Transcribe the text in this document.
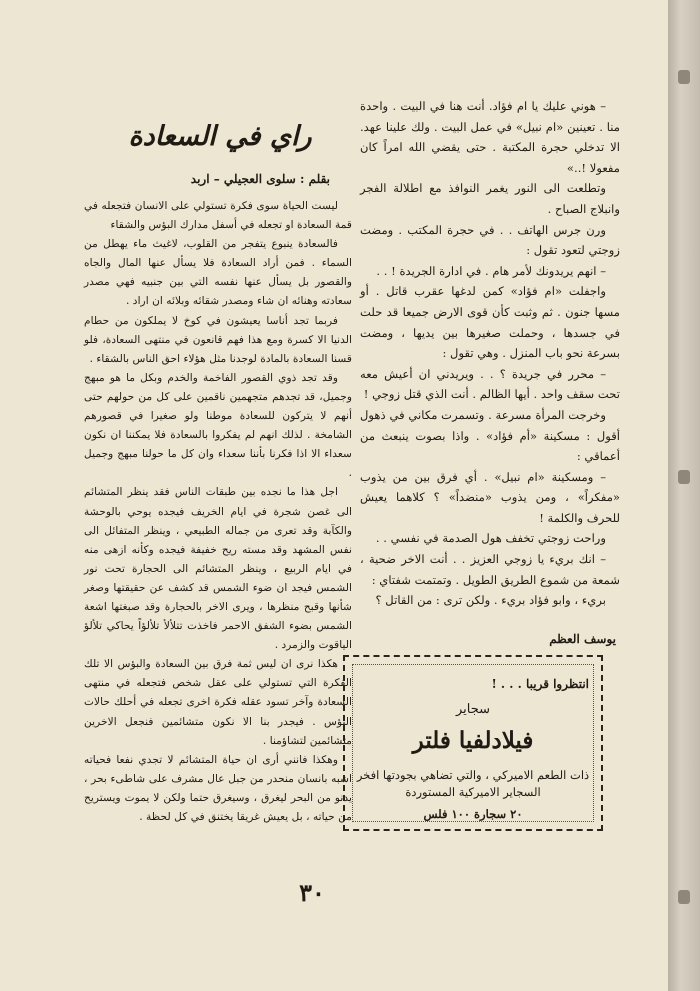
– هوني عليك يا ام فؤاد. أنت هنا في البيت . واحدة منا . تعينين «ام نبيل» في عمل البيت . ولك علينا عهد. الا تدخلي حجرة المكتبة . حتى يقضي الله امراً كان مفعولا !..»

وتطلعت الى النور يغمر النوافذ مع اطلالة الفجر وانبلاج الصباح .

ورن جرس الهاتف . . في حجرة المكتب . ومضت زوجتي لتعود تقول :

– انهم يريدونك لأمر هام . في ادارة الجريدة ! . .

واجفلت «ام فؤاد» كمن لدغها عقرب قاتل . أو مسها جنون . ثم وثبت كأن قوى الارض جميعا قد حلت في جسدها ، وحملت صغيرها بين يديها ، ومضت بسرعة نحو باب المنزل . وهي تقول :

– محرر في جريدة ؟ . . ويريدني ان أعيش معه تحت سقف واحد . أيها الظالم . أنت الذي قتل زوجي !

وخرجت المرأة مسرعة . وتسمرت مكاني في ذهول أقول : مسكينة «أم فؤاد» . واذا بصوت ينبعث من أعماقي :

– ومسكينة «ام نبيل» . أي فرق بين من يذوب «مفكراً» ، ومن يذوب «منضداً» ؟ كلاهما يعيش للحرف والكلمة !

وراحت زوجتي تخفف هول الصدمة في نفسي . .

– انك بريء يا زوجي العزيز . . أنت الاخر ضحية ، شمعة من شموع الطريق الطويل . وتمتمت شفتاي :

بريء ، وابو فؤاد بريء . ولكن ترى : من القاتل ؟

يوسف العظم
راي في السعادة
بقلم : سلوى العجيلي – اربد

ليست الحياة سوى فكرة تستولي على الانسان فتجعله في قمة السعادة او تجعله في أسفل مدارك البؤس والشقاء

فالسعادة ينبوع يتفجر من القلوب، لاغيث ماء يهطل من السماء . فمن أراد السعادة فلا يسأل عنها المال والجاه والقصور بل يسأل عنها نفسه التي بين جنبيه فهي مصدر سعادته وهنائه ان شاء ومصدر شقائه وبلائه ان اراد .

فربما تجد أناسا يعيشون في كوخ لا يملكون من حطام الدنيا الا كسرة ومع هذا فهم قانعون في منتهى السعادة، فلو قسنا السعادة بالمادة لوجدنا مثل هؤلاء احق الناس بالشقاء .

وقد تجد ذوي القصور الفاخمة والخدم وبكل ما هو مبهج وجميل، قد تجدهم متجهمين ناقمين على كل من حولهم حتى أنهم لا يتركون للسعادة موطنا ولو صغيرا في قصورهم الشامخة . لذلك انهم لم يفكروا بالسعادة فلا يمكننا ان نكون سعداء الا اذا فكرنا بأننا سعداء وان كل ما حولنا مبهج وجميل .

اجل هذا ما نجده بين طبقات الناس فقد ينظر المتشائم الى غصن شجرة في ايام الخريف فيجده يوحي بالوحشة والكآبة وقد تعرى من جماله الطبيعي ، وينظر المتفائل الى نفس المشهد وقد مسته ريح خفيفة فيجده وكأنه ازهى منه في ايام الربيع ، وينظر المتشائم الى الحجارة تحت نور الشمس فيجد ان ضوء الشمس قد كشف عن حقيقتها وصغر شأنها وقبح منظرها ، ويرى الاخر بالحجارة وقد صبغتها اشعة الشمس بضوء الشفق الاحمر فاخذت تتلألأ تلألؤاً يحاكي تلألؤ الياقوت والزمرد .

هكذا نرى ان ليس ثمة فرق بين السعادة والبؤس الا تلك الفكرة التي تستولي على عقل شخص فتجعله في منتهى السعادة وآخر تسود عقله فكرة اخرى تجعله في أحلك حالات البؤس . فيجدر بنا الا نكون متشائمين فنجعل الاخرين متشائمين لتشاؤمنا .

وهكذا فانني أرى ان حياة المتشائم لا تجدي نفعا فحياته اشبه بانسان منحدر من جبل عال مشرف على شاطىء بحر ، يدنو من البحر ليغرق ، وسيغرق حتما ولكن لا يموت ويستريح من حياته ، بل يعيش غريقا يختنق في كل لحظة .

انتظروا قريبا . . . !
سجاير
فيلادلفيا فلتر
ذات الطعم الاميركي ، والتي تضاهي بجودتها افخر السجاير الاميركية المستوردة
٢٠ سجارة ١٠٠ فلس
٣٠
